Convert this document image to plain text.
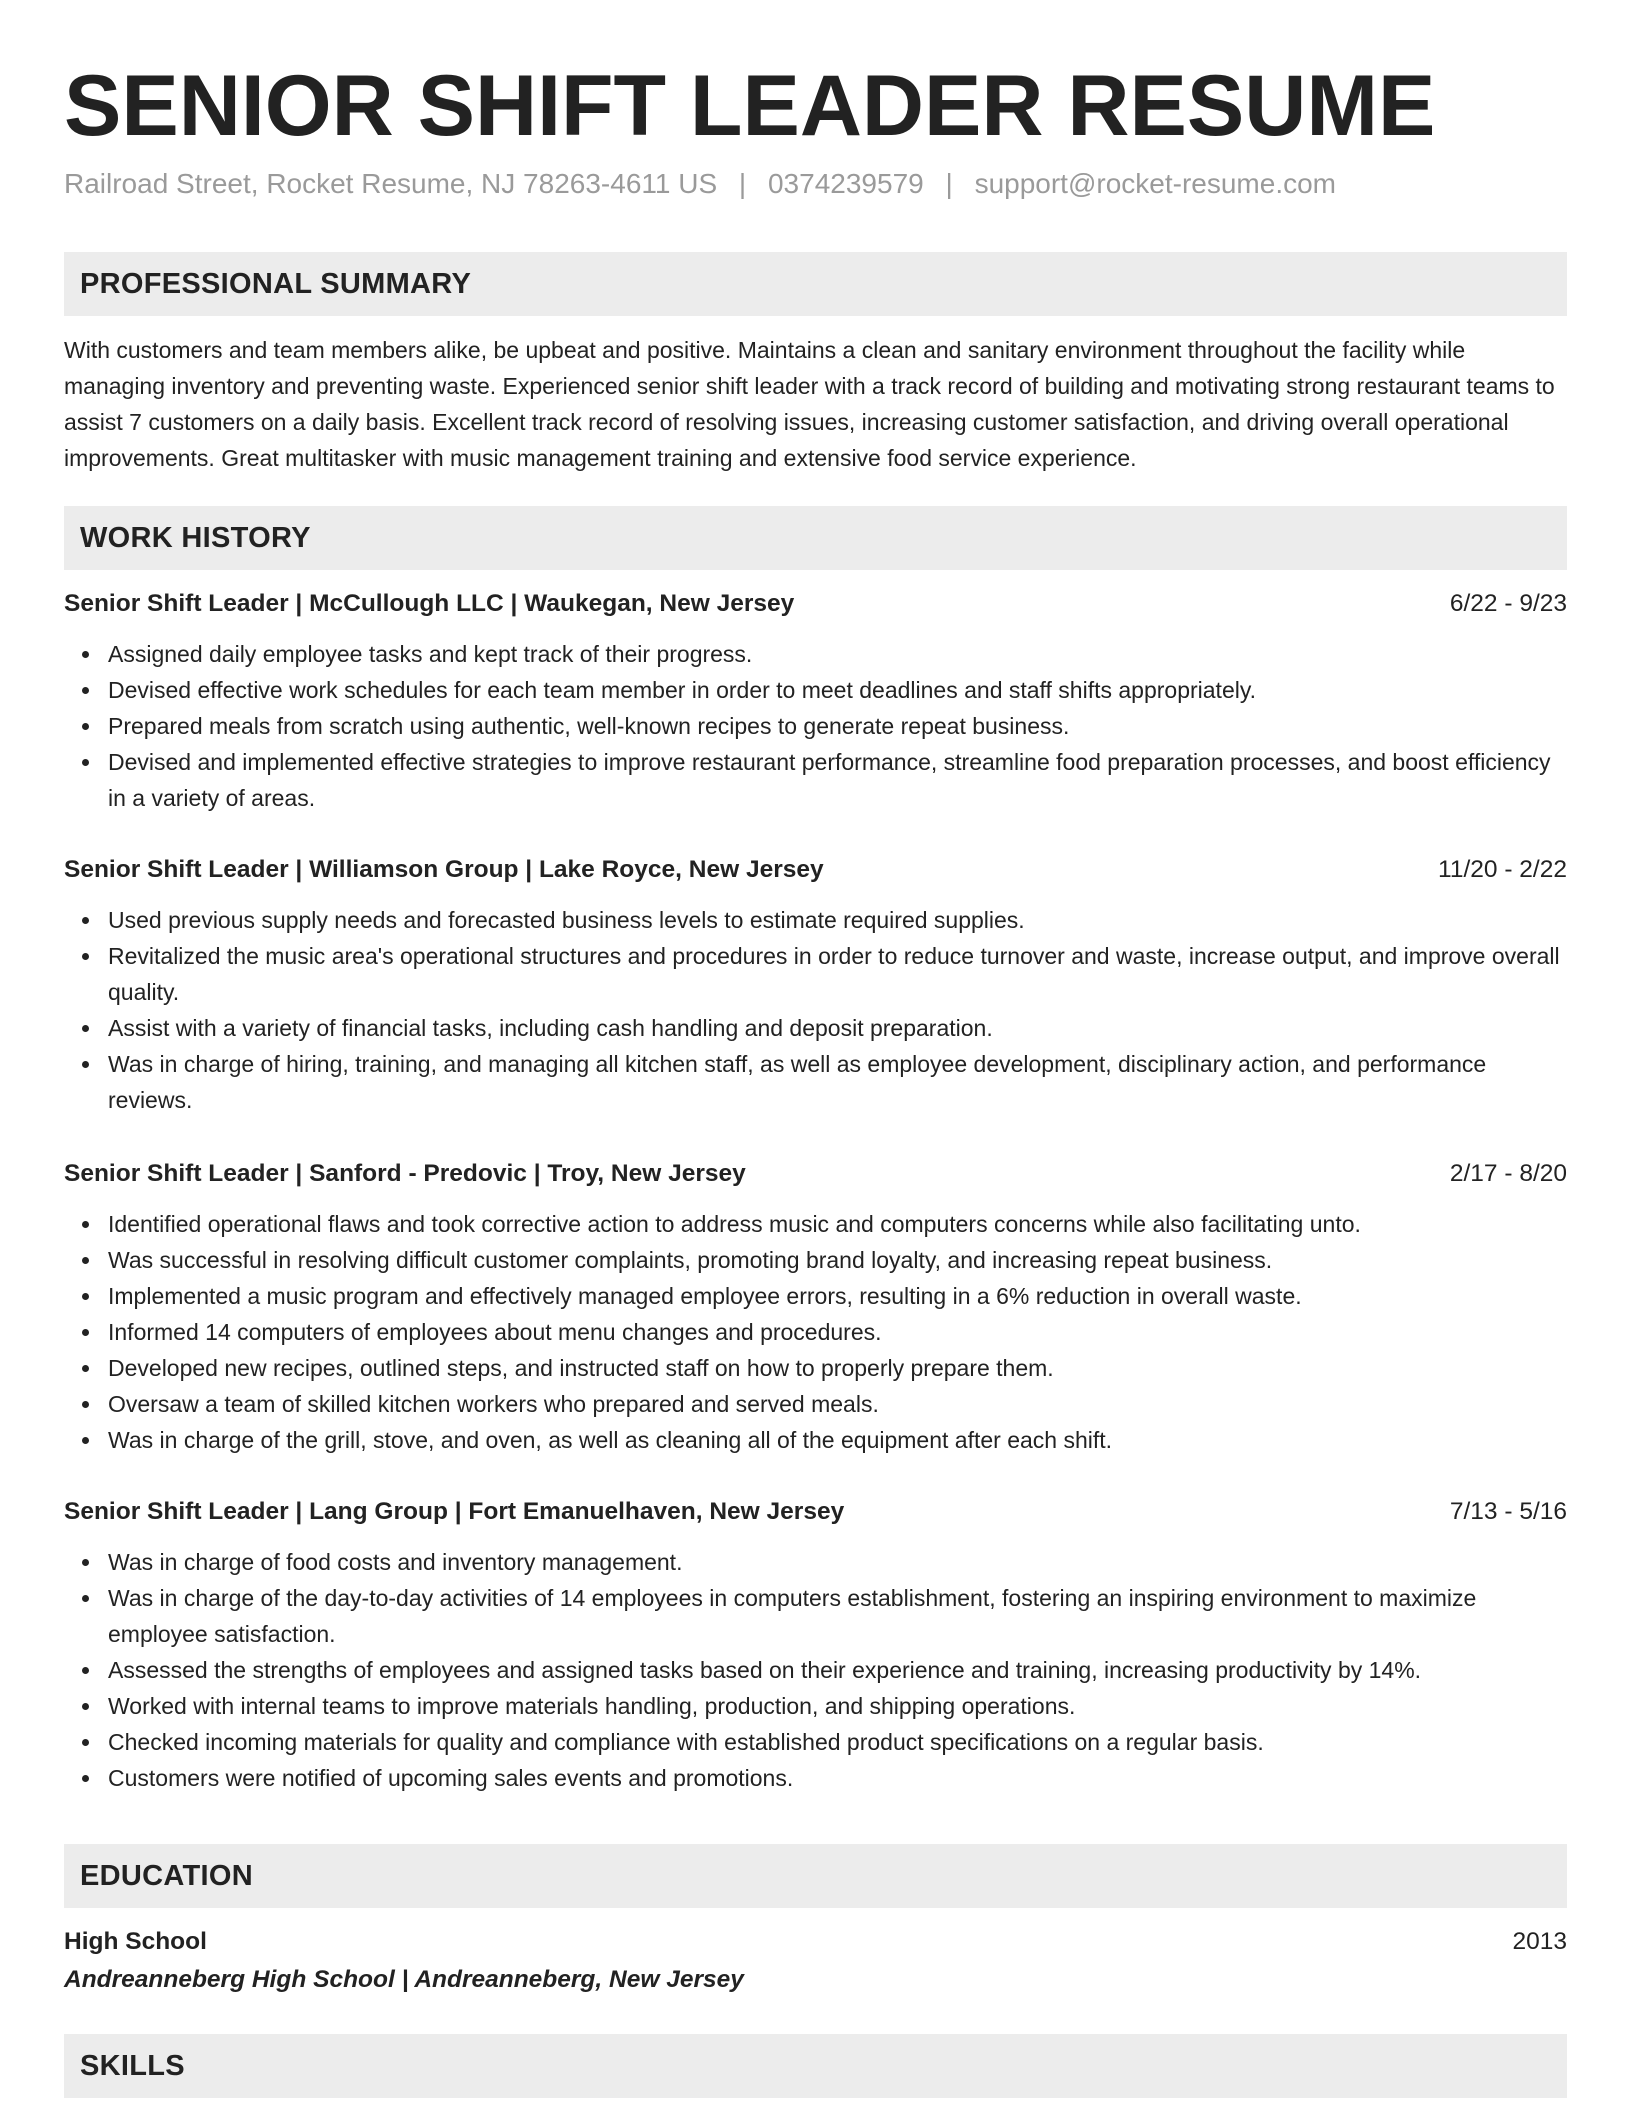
SENIOR SHIFT LEADER RESUME
Railroad Street, Rocket Resume, NJ 78263-4611 US | 0374239579 | support@rocket-resume.com
PROFESSIONAL SUMMARY
With customers and team members alike, be upbeat and positive. Maintains a clean and sanitary environment throughout the facility while managing inventory and preventing waste. Experienced senior shift leader with a track record of building and motivating strong restaurant teams to assist 7 customers on a daily basis. Excellent track record of resolving issues, increasing customer satisfaction, and driving overall operational improvements. Great multitasker with music management training and extensive food service experience.
WORK HISTORY
Senior Shift Leader | McCullough LLC | Waukegan, New Jersey	6/22 - 9/23
Assigned daily employee tasks and kept track of their progress.
Devised effective work schedules for each team member in order to meet deadlines and staff shifts appropriately.
Prepared meals from scratch using authentic, well-known recipes to generate repeat business.
Devised and implemented effective strategies to improve restaurant performance, streamline food preparation processes, and boost efficiency in a variety of areas.
Senior Shift Leader | Williamson Group | Lake Royce, New Jersey	11/20 - 2/22
Used previous supply needs and forecasted business levels to estimate required supplies.
Revitalized the music area's operational structures and procedures in order to reduce turnover and waste, increase output, and improve overall quality.
Assist with a variety of financial tasks, including cash handling and deposit preparation.
Was in charge of hiring, training, and managing all kitchen staff, as well as employee development, disciplinary action, and performance reviews.
Senior Shift Leader | Sanford - Predovic | Troy, New Jersey	2/17 - 8/20
Identified operational flaws and took corrective action to address music and computers concerns while also facilitating unto.
Was successful in resolving difficult customer complaints, promoting brand loyalty, and increasing repeat business.
Implemented a music program and effectively managed employee errors, resulting in a 6% reduction in overall waste.
Informed 14 computers of employees about menu changes and procedures.
Developed new recipes, outlined steps, and instructed staff on how to properly prepare them.
Oversaw a team of skilled kitchen workers who prepared and served meals.
Was in charge of the grill, stove, and oven, as well as cleaning all of the equipment after each shift.
Senior Shift Leader | Lang Group | Fort Emanuelhaven, New Jersey	7/13 - 5/16
Was in charge of food costs and inventory management.
Was in charge of the day-to-day activities of 14 employees in computers establishment, fostering an inspiring environment to maximize employee satisfaction.
Assessed the strengths of employees and assigned tasks based on their experience and training, increasing productivity by 14%.
Worked with internal teams to improve materials handling, production, and shipping operations.
Checked incoming materials for quality and compliance with established product specifications on a regular basis.
Customers were notified of upcoming sales events and promotions.
EDUCATION
High School	2013
Andreanneberg High School | Andreanneberg, New Jersey
SKILLS
